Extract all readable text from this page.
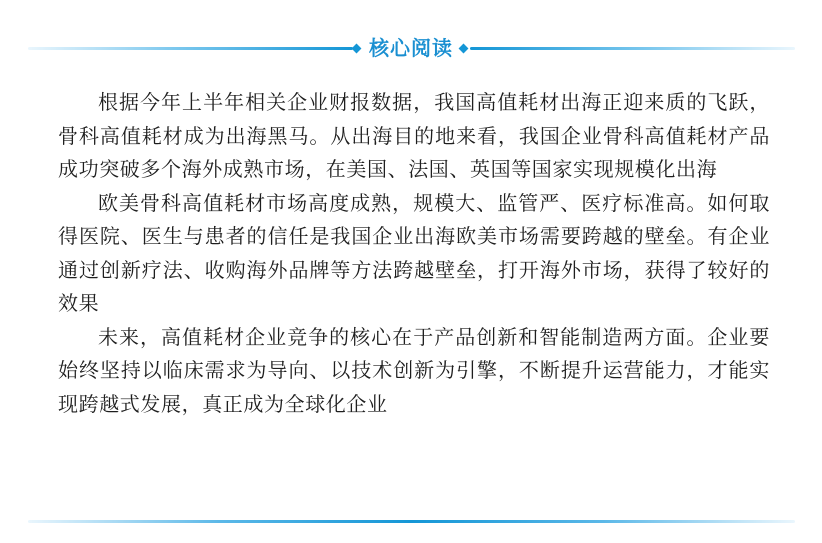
核心阅读

根据今年上半年相关企业财报数据，我国高值耗材出海正迎来质的飞跃，骨科高值耗材成为出海黑马。从出海目的地来看，我国企业骨科高值耗材产品成功突破多个海外成熟市场，在美国、法国、英国等国家实现规模化出海

欧美骨科高值耗材市场高度成熟，规模大、监管严、医疗标准高。如何取得医院、医生与患者的信任是我国企业出海欧美市场需要跨越的壁垒。有企业通过创新疗法、收购海外品牌等方法跨越壁垒，打开海外市场，获得了较好的效果

未来，高值耗材企业竞争的核心在于产品创新和智能制造两方面。企业要始终坚持以临床需求为导向、以技术创新为引擎，不断提升运营能力，才能实现跨越式发展，真正成为全球化企业
